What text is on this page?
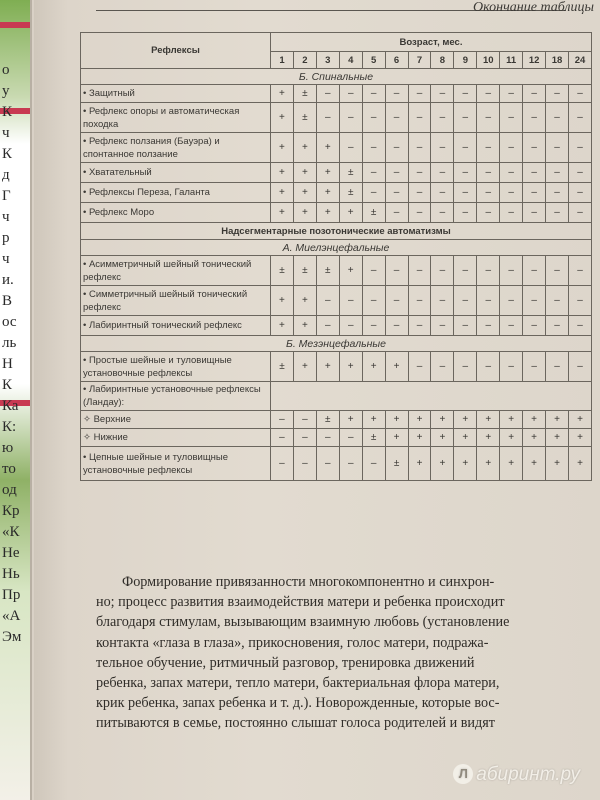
о
у
К
ч
К
д
Г
ч
р
ч
и.
В
ос
ль
Н
К
Ка
К:
ю
то
од
Кр
«К
Не
Нь
Пр
«А
Эм
Окончание таблицы
Рефлексы	Возраст, мес.													
	1	2	3	4	5	6	7	8	9	10	11	12	18	24
Б. Спинальные														
• Защитный	+	±	–	–	–	–	–	–	–	–	–	–	–	–
• Рефлекс опоры и автоматическая походка	+	±	–	–	–	–	–	–	–	–	–	–	–	–
• Рефлекс ползания (Бауэра) и спонтанное ползание	+	+	+	–	–	–	–	–	–	–	–	–	–	–
• Хватательный	+	+	+	±	–	–	–	–	–	–	–	–	–	–
• Рефлексы Переза, Галанта	+	+	+	±	–	–	–	–	–	–	–	–	–	–
• Рефлекс Моро	+	+	+	+	±	–	–	–	–	–	–	–	–	–
Надсегментарные позотонические автоматизмы														
А. Миелэнцефальные														
• Асимметричный шейный тонический рефлекс	±	±	±	+	–	–	–	–	–	–	–	–	–	–
• Симметричный шейный тонический рефлекс	+	+	–	–	–	–	–	–	–	–	–	–	–	–
• Лабиринтный тонический рефлекс	+	+	–	–	–	–	–	–	–	–	–	–	–	–
Б. Мезэнцефальные														
• Простые шейные и туловищные установочные рефлексы	±	+	+	+	+	+	–	–	–	–	–	–	–	–
• Лабиринтные установочные рефлексы (Ландау):														
✧ Верхние	–	–	±	+	+	+	+	+	+	+	+	+	+	+
✧ Нижние	–	–	–	–	±	+	+	+	+	+	+	+	+	+
• Цепные шейные и туловищные установочные рефлексы	–	–	–	–	–	±	+	+	+	+	+	+	+	+
Формирование привязанности многокомпонентно и синхрон-
но; процесс развития взаимодействия матери и ребенка происходит
благодаря стимулам, вызывающим взаимную любовь (установление
контакта «глаза в глаза», прикосновения, голос матери, подража-
тельное обучение, ритмичный разговор, тренировка движений
ребенка, запах матери, тепло матери, бактериальная флора матери,
крик ребенка, запах ребенка и т. д.). Новорожденные, которые вос-
питываются в семье, постоянно слышат голоса родителей и видят
Л абиринт.ру
